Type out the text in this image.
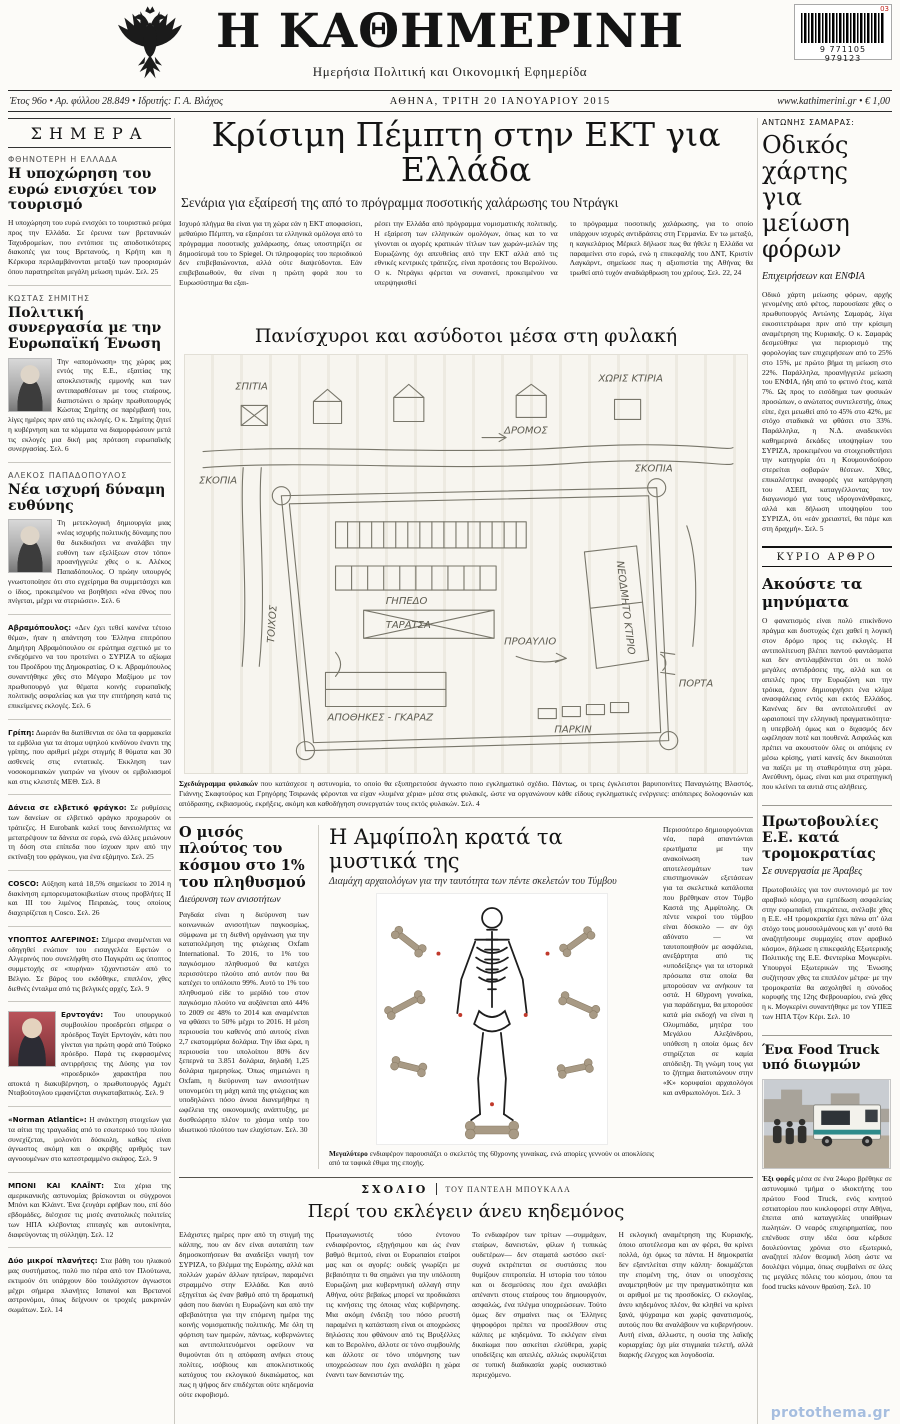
Η ΚΑΘΗΜΕΡΙΝΗ
Ημερήσια Πολιτική και Οικονομική Εφημερίδα
03
9 771105 979123
Έτος 96ο • Αρ. φύλλου 28.849 • Ιδρυτής: Γ. Α. Βλάχος	ΑΘΗΝΑ, ΤΡΙΤΗ 20 ΙΑΝΟΥΑΡΙΟΥ 2015	www.kathimerini.gr • € 1,00
ΣΗΜΕΡΑ
ΦΘΗΝΟΤΕΡΗ Η ΕΛΛΑΔΑ
Η υποχώρηση του ευρώ ενισχύει τον τουρισμό
Η υποχώρηση του ευρώ ενισχύει το τουριστικό ρεύμα προς την Ελλάδα. Σε έρευνα των βρετανικών Ταχυδρομείων, που εντόπισε τις αποδοτικότερες διακοπές για τους Βρετανούς, η Κρήτη και η Κέρκυρα περιλαμβάνονται μεταξύ των προορισμών όπου παρατηρείται μεγάλη μείωση τιμών. Σελ. 25
ΚΩΣΤΑΣ ΣΗΜΙΤΗΣ
Πολιτική συνεργασία με την Ευρωπαϊκή Ένωση
Την «απομόνωση» της χώρας μας εντός της Ε.Ε., εξαιτίας της αποκλειστικής εμμονής και των αντιπαραθέσεων με τους εταίρους, διαπιστώνει ο πρώην πρωθυπουργός Κώστας Σημίτης σε παρέμβασή του, λίγες ημέρες πριν από τις εκλογές. Ο κ. Σημίτης ζητεί η κυβέρνηση και τα κόμματα να διαμορφώσουν μετά τις εκλογές μια δική μας πρόταση ευρωπαϊκής συνεργασίας. Σελ. 6
ΑΛΕΚΟΣ ΠΑΠΑΔΟΠΟΥΛΟΣ
Νέα ισχυρή δύναμη ευθύνης
Τη μετεκλογική δημιουργία μιας «νέας ισχυρής πολιτικής δύναμης που θα διεκδικήσει να αναλάβει την ευθύνη των εξελίξεων στον τόπο» προανήγγειλε χθες ο κ. Αλέκος Παπαδόπουλος. Ο πρώην υπουργός γνωστοποίησε ότι στο εγχείρημα θα συμμετάσχει και ο ίδιος, προκειμένου να βοηθήσει «ένα έθνος που πνίγεται, μέχρι να στεριώσει». Σελ. 6

Αβραμόπουλος: «Δεν έχει τεθεί κανένα τέτοιο θέμα», ήταν η απάντηση του Έλληνα επιτρόπου Δημήτρη Αβραμόπουλου σε ερώτημα σχετικό με το ενδεχόμενο να του προτείνει ο ΣΥΡΙΖΑ το αξίωμα του Προέδρου της Δημοκρατίας. Ο κ. Αβραμόπουλος συναντήθηκε χθες στο Μέγαρο Μαξίμου με τον πρωθυπουργό για θέματα κοινής ευρωπαϊκής πολιτικής ασφαλείας και για την επιτήρηση κατά τις επικείμενες εκλογές. Σελ. 6

Γρίπη: Δωρεάν θα διατίθενται σε όλα τα φαρμακεία τα εμβόλια για τα άτομα υψηλού κινδύνου έναντι της γρίπης, που αριθμεί μέχρι στιγμής 8 θύματα και 30 ασθενείς στις εντατικές. Έκκληση των νοσοκομειακών γιατρών να γίνουν οι εμβολιασμοί και στις κλειστές ΜΕΘ. Σελ. 8

Δάνεια σε ελβετικό φράγκο: Σε ρυθμίσεις των δανείων σε ελβετικό φράγκο προχωρούν οι τράπεζες. Η Eurobank καλεί τους δανειολήπτες να μετατρέψουν τα δάνεια σε ευρώ, ενώ άλλες μειώνουν τη δόση στα επίπεδα που ίσχυαν πριν από την εκτίναξη του φράγκου, για ένα εξάμηνο. Σελ. 25

COSCO: Αύξηση κατά 18,5% σημείωσε το 2014 η διακίνηση εμπορευματοκιβωτίων στους προβλήτες ΙΙ και ΙΙΙ του λιμένος Πειραιώς, τους οποίους διαχειρίζεται η Cosco. Σελ. 26

ΥΠΟΠΤΟΣ ΑΛΓΕΡΙΝΟΣ: Σήμερα αναμένεται να οδηγηθεί ενώπιον του εισαγγελέα Εφετών ο Αλγερινός που συνελήφθη στο Παγκράτι ως ύποπτος συμμετοχής σε «πυρήνα» τζιχαντιστών από το Βέλγιο. Σε βάρος του εκδόθηκε, επιπλέον, χθες διεθνές ένταλμα από τις βελγικές αρχές. Σελ. 9

Ερντογάν: Του υπουργικού συμβουλίου προεδρεύει σήμερα ο πρόεδρος Ταγίπ Ερντογάν, κάτι που γίνεται για πρώτη φορά από Τούρκο πρόεδρο. Παρά τις εκφρασμένες αντιρρήσεις της Δύσης για τον «προεδρικό» χαρακτήρα που αποκτά η διακυβέρνηση, ο πρωθυπουργός Αχμέτ Νταβούτογλου εμφανίζεται συγκαταβατικός. Σελ. 9

«Norman Atlantic»: Η ανάκτηση στοιχείων για τα αίτια της τραγωδίας από το εσωτερικό του πλοίου συνεχίζεται, μολονότι δύσκολη, καθώς είναι άγνωστος ακόμη και ο ακριβής αριθμός των αγνοουμένων στο κατεστραμμένο σκάφος. Σελ. 9

ΜΠΟΝΙ ΚΑΙ ΚΛΑΪΝΤ: Στα χέρια της αμερικανικής αστυνομίας βρίσκονται οι σύγχρονοι Μπόνι και Κλάιντ. Ένα ζευγάρι εφήβων που, επί δύο εβδομάδες, διέσχισε τις μισές ανατολικές πολιτείες των ΗΠΑ κλέβοντας επιταγές και αυτοκίνητα, διαφεύγοντας τη σύλληψη. Σελ. 12

Δύο μικροί πλανήτες: Στα βάθη του ηλιακού μας συστήματος, πολύ πιο πέρα από τον Πλούτωνα, εκτιμούν ότι υπάρχουν δύο τουλάχιστον άγνωστοι μέχρι σήμερα πλανήτες Ισπανοί και Βρετανοί αστρονόμοι, όπως δείχνουν οι τροχιές μακρινών σωμάτων. Σελ. 14

Κρίσιμη Πέμπτη στην ΕΚΤ για Ελλάδα
Σενάρια για εξαίρεσή της από το πρόγραμμα ποσοτικής χαλάρωσης του Ντράγκι

Ισχυρό πλήγμα θα είναι για τη χώρα εάν η ΕΚΤ αποφασίσει, μεθαύριο Πέμπτη, να εξαιρέσει τα ελληνικά ομόλογα από το πρόγραμμα ποσοτικής χαλάρωσης, όπως υποστηρίζει σε δημοσίευμά του το Spiegel. Οι πληροφορίες του περιοδικού δεν επιβεβαιώνονται, αλλά ούτε διαψεύδονται. Εάν επιβεβαιωθούν, θα είναι η πρώτη φορά που το Ευρωσύστημα θα εξαι-

ρέσει την Ελλάδα από πρόγραμμα νομισματικής πολιτικής. Η εξαίρεση των ελληνικών ομολόγων, όπως και το να γίνονται οι αγορές κρατικών τίτλων των χωρών-μελών της Ευρωζώνης όχι απευθείας από την ΕΚΤ αλλά από τις εθνικές κεντρικές τράπεζες, είναι προτάσεις του Βερολίνου. Ο κ. Ντράγκι φέρεται να συναινεί, προκειμένου να υπερψηφισθεί

το πρόγραμμα ποσοτικής χαλάρωσης, για το οποίο υπάρχουν ισχυρές αντιδράσεις στη Γερμανία. Εν τω μεταξύ, η καγκελάριος Μέρκελ δήλωσε πως θα ήθελε η Ελλάδα να παραμείνει στο ευρώ, ενώ η επικεφαλής του ΔΝΤ, Κριστίν Λαγκάρντ, σημείωσε πως η αξιοπιστία της Αθήνας θα τρωθεί από τυχόν αναδιάρθρωση του χρέους. Σελ. 22, 24

Πανίσχυροι και ασύδοτοι μέσα στη φυλακή
ΔΡΟΜΟΣ
ΣΚΟΠΙΑ
ΣΚΟΠΙΑ
ΧΩΡΙΣ ΚΤΙΡΙΑ
ΠΡΟΑΥΛΙΟ
ΤΑΡΑΤΣΑ
ΑΠΟΘΗΚΕΣ - ΓΚΑΡΑΖ
ΤΟΙΧΟΣ
ΠΟΡΤΑ
ΠΑΡΚΙΝ
ΝΕΟΔΜΗΤΟ ΚΤΙΡΙΟ
ΣΠΙΤΙΑ
ΓΗΠΕΔΟ

Σχεδιάγραμμα φυλακών που κατάσχεσε η αστυνομία, το οποίο θα εξυπηρετούσε άγνωστο ποιο εγκληματικό σχέδιο. Πάντως, οι τρεις έγκλειστοι βαρυποινίτες Παναγιώτης Βλαστός, Γιάννης Σκαφτούρος και Γρηγόρης Τσιρωνάς φέρονται να είχαν «λυμένα χέρια» μέσα στις φυλακές, ώστε να οργανώνουν κάθε είδους εγκληματικές ενέργειες: απόπειρες δολοφονιών και απόδρασης, εκβιασμούς, εκρήξεις, ακόμη και καθοδήγηση συνεργατών τους εκτός φυλακών. Σελ. 4

Ο μισός πλούτος του κόσμου στο 1% του πληθυσμού
Διεύρυνση των ανισοτήτων

Ραγδαία είναι η διεύρυνση των κοινωνικών ανισοτήτων παγκοσμίως, σύμφωνα με τη διεθνή οργάνωση για την καταπολέμηση της φτώχειας Oxfam International. Το 2016, το 1% του παγκόσμιου πληθυσμού θα κατέχει περισσότερο πλούτο από αυτόν που θα κατέχει το υπόλοιπο 99%. Αυτό το 1% του πληθυσμού είδε το μερίδιό του στον παγκόσμιο πλούτο να αυξάνεται από 44% το 2009 σε 48% το 2014 και αναμένεται να φθάσει το 50% μέχρι το 2016. Η μέση περιουσία του καθενός από αυτούς είναι 2,7 εκατομμύρια δολάρια. Την ίδια ώρα, η περιουσία του υπολοίπου 80% δεν ξεπερνά τα 3.851 δολάρια, δηλαδή 1,25 δολάρια ημερησίως. Όπως σημειώνει η Oxfam, η διεύρυνση των ανισοτήτων υπονομεύει τη μάχη κατά της φτώχειας και υποδηλώνει πόσο άνισα διανεμήθηκε η ωφέλεια της οικονομικής ανάπτυξης, με δυσθεώρητο πλέον το χάσμα υπέρ του ιδιωτικού πλούτου των ελαχίστων. Σελ. 30

Η Αμφίπολη κρατά τα μυστικά της
Διαμάχη αρχαιολόγων για την ταυτότητα των πέντε σκελετών του Τύμβου

Μεγαλύτερο ενδιαφέρον παρουσιάζει ο σκελετός της 60χρονης γυναίκας, ενώ απορίες γεννούν οι αποκλίσεις από τα ταφικά έθιμα της εποχής.

Περισσότερο δημιουργούνται νέα, παρά απαντώνται ερωτήματα με την ανακοίνωση των αποτελεσμάτων των επιστημονικών εξετάσεων για τα σκελετικά κατάλοιπα που βρέθηκαν στον Τύμβο Καστά της Αμφίπολης. Οι πέντε νεκροί του τύμβου είναι δύσκολο — αν όχι αδύνατο — να ταυτοποιηθούν με ασφάλεια, ανεξάρτητα από τις «υποδείξεις» για τα ιστορικά πρόσωπα στα οποία θα μπορούσαν να ανήκουν τα οστά. Η 60χρονη γυναίκα, για παράδειγμα, θα μπορούσε κατά μία εκδοχή να είναι η Ολυμπιάδα, μητέρα του Μεγάλου Αλεξάνδρου, υπόθεση η οποία όμως δεν στηρίζεται σε καμία απόδειξη. Τη γνώμη τους για το ζήτημα διατυπώνουν στην «Κ» κορυφαίοι αρχαιολόγοι και ανθρωπολόγοι. Σελ. 3
ΣΧΟΛΙΟ ΤΟΥ ΠΑΝΤΕΛΗ ΜΠΟΥΚΑΛΑ
Περί του εκλέγειν άνευ κηδεμόνος

Ελάχιστες ημέρες πριν από τη στιγμή της κάλπης, που αν δεν είναι αυταπάτη των δημοσκοπήσεων θα αναδείξει νικητή τον ΣΥΡΙΖΑ, το βλέμμα της Ευρώπης, αλλά και πολλών χωρών άλλων ηπείρων, παραμένει στραμμένο στην Ελλάδα. Και αυτό εξηγείται ώς έναν βαθμό από τη δραματική φάση που διανύει η Ευρωζώνη και από την αβεβαιότητα για την επόμενη ημέρα της κοινής νομισματικής πολιτικής. Με όλη τη φόρτιση των ημερών, πάντως, κυβερνώντες και αντιπολιτευόμενοι οφείλουν να θυμούνται ότι η απόφαση ανήκει στους πολίτες, ισόβιους και αποκλειστικούς κατόχους του εκλογικού δικαιώματος, και πως η ψήφος δεν επιδέχεται ούτε κηδεμονία ούτε εκφοβισμό.

Πρωταγωνιστές τόσο έντονου ενδιαφέροντος, εξηγήσιμου και ώς έναν βαθμό θεμιτού, είναι οι Ευρωπαίοι εταίροι μας και οι αγορές: ουδείς γνωρίζει με βεβαιότητα τι θα σημάνει για την υπόλοιπη Ευρωζώνη μια κυβερνητική αλλαγή στην Αθήνα, ούτε βεβαίως μπορεί να προδικάσει τις κινήσεις της όποιας νέας κυβέρνησης. Μια ακόμη ένδειξη του πόσο ρευστή παραμένει η κατάσταση είναι οι αποχρώσες δηλώσεις που φθάνουν από τις Βρυξέλλες και το Βερολίνο, άλλοτε σε τόνο συμβουλής και άλλοτε σε τόνο υπόμνησης των υποχρεώσεων που έχει αναλάβει η χώρα έναντι των δανειστών της.

Το ενδιαφέρον των τρίτων —συμμάχων, εταίρων, δανειστών, φίλων ή τυπικώς ουδετέρων— δεν σταματά ωστόσο εκεί· συχνά εκτρέπεται σε συστάσεις που θυμίζουν επιτροπεία. Η ιστορία του τόπου και οι δεσμεύσεις που έχει αναλάβει απέναντι στους εταίρους του δημιουργούν, ασφαλώς, ένα πλέγμα υποχρεώσεων. Τούτο όμως δεν σημαίνει πως οι Έλληνες ψηφοφόροι πρέπει να προσέλθουν στις κάλπες με κηδεμόνα. Το εκλέγειν είναι δικαίωμα που ασκείται ελεύθερα, χωρίς υποδείξεις και απειλές, αλλιώς εκφυλίζεται σε τυπική διαδικασία χωρίς ουσιαστικό περιεχόμενο.

Η εκλογική αναμέτρηση της Κυριακής, όποιο αποτέλεσμα και αν φέρει, θα κρίνει πολλά, όχι όμως τα πάντα. Η δημοκρατία δεν εξαντλείται στην κάλπη· δοκιμάζεται την επομένη της, όταν οι υποσχέσεις αναμετρηθούν με την πραγματικότητα και οι αριθμοί με τις προσδοκίες. Ο εκλογέας, άνευ κηδεμόνος πλέον, θα κληθεί να κρίνει ξανά, ψύχραιμα και χωρίς φανατισμούς, αυτούς που θα αναλάβουν να κυβερνήσουν. Αυτή είναι, άλλωστε, η ουσία της λαϊκής κυριαρχίας: όχι μία στιγμιαία τελετή, αλλά διαρκής έλεγχος και λογοδοσία.

ΑΝΤΩΝΗΣ ΣΑΜΑΡΑΣ:
Οδικός χάρτης για μείωση φόρων
Επιχειρήσεων και ΕΝΦΙΑ

Οδικό χάρτη μείωσης φόρων, αρχής γενομένης από φέτος, παρουσίασε χθες ο πρωθυπουργός Αντώνης Σαμαράς, λίγα εικοσιτετράωρα πριν από την κρίσιμη αναμέτρηση της Κυριακής. Ο κ. Σαμαράς δεσμεύθηκε για περιορισμό της φορολογίας των επιχειρήσεων από το 25% στο 15%, με πρώτο βήμα τη μείωση στο 22%. Παράλληλα, προανήγγειλε μείωση του ΕΝΦΙΑ, ήδη από το φετινό έτος, κατά 7%. Ως προς το εισόδημα των φυσικών προσώπων, ο ανώτατος συντελεστής, όπως είπε, έχει μειωθεί από το 45% στο 42%, με στόχο σταδιακά να φθάσει στο 33%. Παράλληλα, η Ν.Δ. αναδεικνύει καθημερινά δεκάδες υποψηφίων του ΣΥΡΙΖΑ, προκειμένου να στοιχειοθετήσει την κατηγορία ότι η Κουμουνδούρου στερείται σοβαρών θέσεων. Χθες, επικαλέστηκε αναφορές για κατάργηση του ΑΣΕΠ, καταγγέλλοντας τον διαγωνισμό για τους υδρογονάνθρακες, αλλά και δήλωση υποψηφίου του ΣΥΡΙΖΑ, ότι «εάν χρειαστεί, θα πάμε και στη δραχμή». Σελ. 5

ΚΥΡΙΟ ΑΡΘΡΟ
Ακούστε τα μηνύματα

Ο φανατισμός είναι πολύ επικίνδυνο πράγμα και δυστυχώς έχει χαθεί η λογική στον δρόμο προς τις εκλογές. Η αντιπολίτευση βλέπει παντού φαντάσματα και δεν αντιλαμβάνεται ότι οι πολύ μεγάλες αντιδράσεις της, αλλά και οι απειλές προς την Ευρωζώνη και την τρόικα, έχουν δημιουργήσει ένα κλίμα ανασφάλειας εντός και εκτός Ελλάδος. Κανένας δεν θα αντιπολιτευθεί αν ωραιοποιεί την ελληνική πραγματικότητα· η υπερβολή όμως και ο διχασμός δεν ωφέλησαν ποτέ και πουθενά. Ασφαλώς και πρέπει να ακουστούν όλες οι απόψεις εν μέσω κρίσης, γιατί κανείς δεν δικαιούται να παίζει με τη σταθερότητα στη χώρα. Ανεύθυνη, όμως, είναι και μια στρατηγική που κλείνει τα αυτιά στις αλήθειες.

Πρωτοβουλίες Ε.Ε. κατά τρομοκρατίας
Σε συνεργασία με Άραβες

Πρωτοβουλίες για τον συντονισμό με τον αραβικό κόσμο, για εμπέδωση ασφαλείας στην ευρωπαϊκή επικράτεια, ανέλαβε χθες η Ε.Ε. «Η τρομοκρατία έχει πάνω απ’ όλα στόχο τους μουσουλμάνους και γι’ αυτό θα αναζητήσουμε συμμαχίες στον αραβικό κόσμο», δήλωσε η επικεφαλής Εξωτερικής Πολιτικής της Ε.Ε. Φεντερίκα Μογκερίνι. Υπουργοί Εξωτερικών της Ένωσης συζήτησαν χθες τα επιπλέον μέτρα· με την τρομοκρατία θα ασχοληθεί η σύνοδος κορυφής της 12ης Φεβρουαρίου, ενώ χθες η κ. Μογκερίνι συναντήθηκε με τον ΥΠΕΞ των ΗΠΑ Τζον Κέρι. Σελ. 10

Ένα Food Truck υπό διωγμών

Έξι φορές μέσα σε ένα 24ωρο βρέθηκε σε αστυνομικό τμήμα ο ιδιοκτήτης του πρώτου Food Truck, ενός κινητού εστιατορίου που κυκλοφορεί στην Αθήνα, έπειτα από καταγγελίες υπαίθριων πωλητών. Ο νεαρός επιχειρηματίας, που επένδυσε στην ιδέα όσα κέρδισε δουλεύοντας χρόνια στο εξωτερικό, αναζητεί πλέον θεσμική λύση ώστε να δουλέψει νόμιμα, όπως συμβαίνει σε όλες τις μεγάλες πόλεις του κόσμου, όπου τα food trucks κάνουν θραύση. Σελ. 10

protothema.gr
